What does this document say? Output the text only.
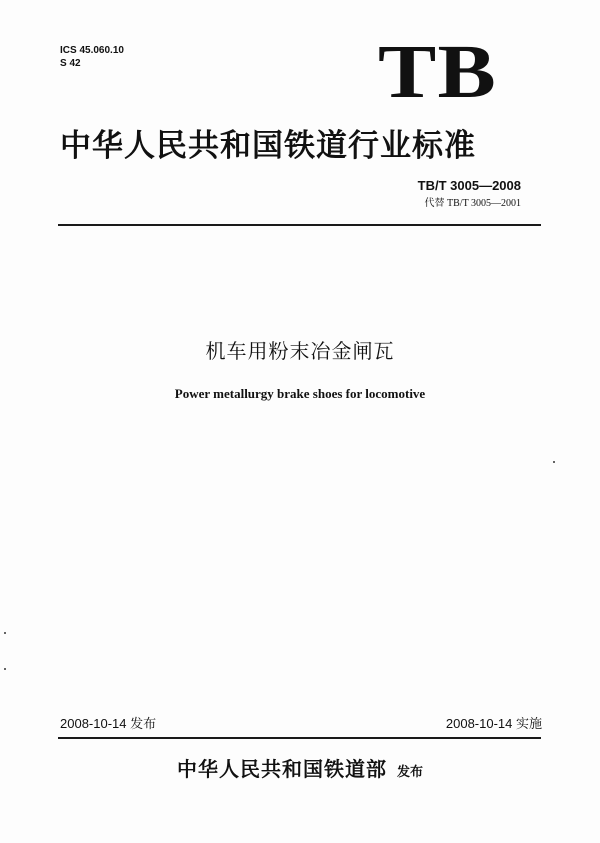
ICS 45.060.10
S 42	TB
中华人民共和国铁道行业标准
TB/T 3005—2008
代替 TB/T 3005—2001
机车用粉末冶金闸瓦
Power metallurgy brake shoes for locomotive
2008-10-14 发布	2008-10-14 实施
中华人民共和国铁道部 发布
